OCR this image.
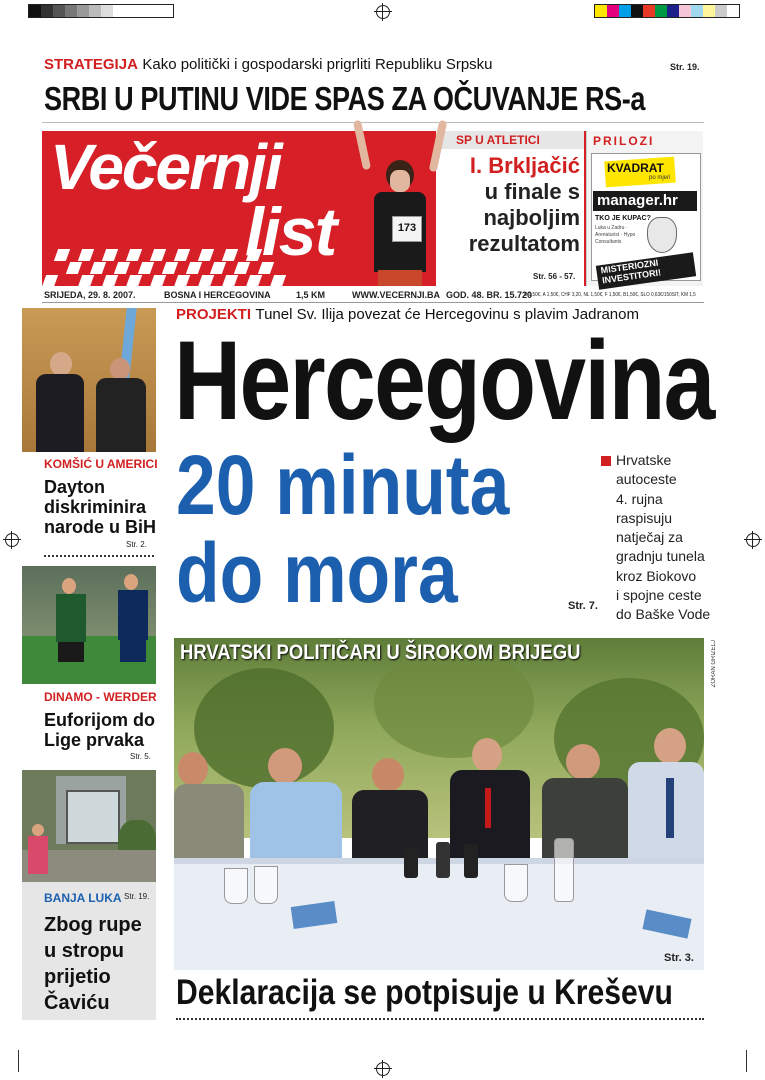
STRATEGIJA Kako politički i gospodarski prigrliti Republiku Srpsku	Str. 19.
SRBI U PUTINU VIDE SPAS ZA OČUVANJE RS-a
Večernji
list
SP U ATLETICI
173
I. Brkljačić
u finale s
najboljim
rezultatom
Str. 56 - 57.
PRILOZI
KVADRAT
po mjeri
manager.hr
TKO JE KUPAC?
Luka u Zadru · Arenaturist · Hypo Consultants
MISTERIOZNI INVESTITORI!
SRIJEDA, 29. 8. 2007.	BOSNA I HERCEGOVINA	1,5 KM	WWW.VECERNJI.BA GOD. 48. BR. 15.720
D 1,50€, A 1,50€, CHF 3,20, NL 1,50€, F 1,50€, B1,50€, SLO 0,63€/150SIT, KM 1,5
KOMŠIĆ U AMERICI
Dayton
diskriminira
narode u BiH
Str. 2.
DINAMO - WERDER
Euforijom do
Lige prvaka
Str. 5.
BANJA LUKA Str. 19.
Zbog rupe
u stropu
prijetio
Čaviću
PROJEKTI Tunel Sv. Ilija povezat će Hercegovinu s plavim Jadranom
Hercegovina
20 minuta
do mora	Str. 7.
Hrvatske
autoceste
4. rujna
raspisuju
natječaj za
gradnju tunela
kroz Biokovo
i spojne ceste
do Baške Vode
HRVATSKI POLITIČARI U ŠIROKOM BRIJEGU	ZORAN GRIZELJ
Str. 3.
Deklaracija se potpisuje u Kreševu
